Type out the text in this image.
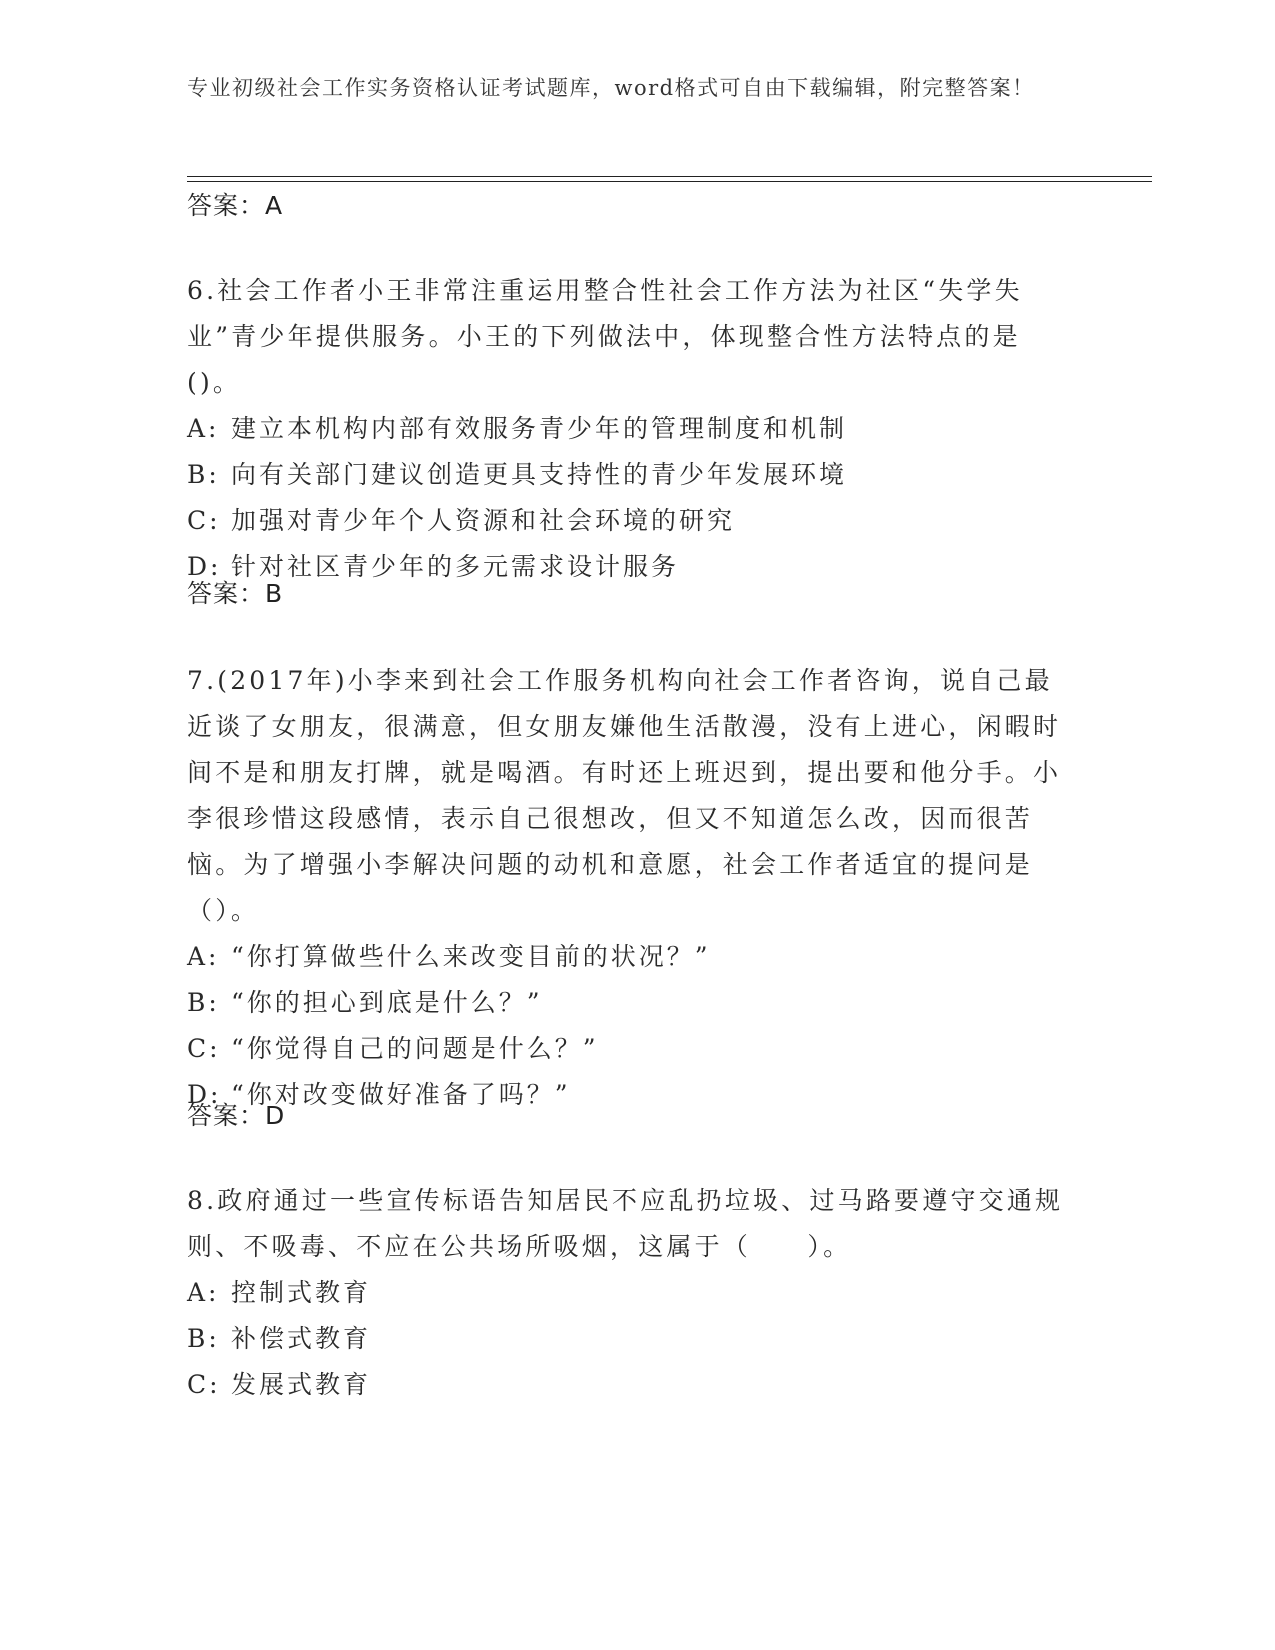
专业初级社会工作实务资格认证考试题库，word格式可自由下载编辑，附完整答案！
答案：A
6.社会工作者小王非常注重运用整合性社会工作方法为社区“失学失业”青少年提供服务。小王的下列做法中，体现整合性方法特点的是()。
A: 建立本机构内部有效服务青少年的管理制度和机制
B: 向有关部门建议创造更具支持性的青少年发展环境
C: 加强对青少年个人资源和社会环境的研究
D: 针对社区青少年的多元需求设计服务
答案：B
7.(2017年)小李来到社会工作服务机构向社会工作者咨询，说自己最近谈了女朋友，很满意，但女朋友嫌他生活散漫，没有上进心，闲暇时间不是和朋友打牌，就是喝酒。有时还上班迟到，提出要和他分手。小李很珍惜这段感情，表示自己很想改，但又不知道怎么改，因而很苦恼。为了增强小李解决问题的动机和意愿，社会工作者适宜的提问是（）。
A: “你打算做些什么来改变目前的状况？”
B: “你的担心到底是什么？”
C: “你觉得自己的问题是什么？”
D: “你对改变做好准备了吗？”
答案：D
8.政府通过一些宣传标语告知居民不应乱扔垃圾、过马路要遵守交通规则、不吸毒、不应在公共场所吸烟，这属于（　　）。
A: 控制式教育
B: 补偿式教育
C: 发展式教育
